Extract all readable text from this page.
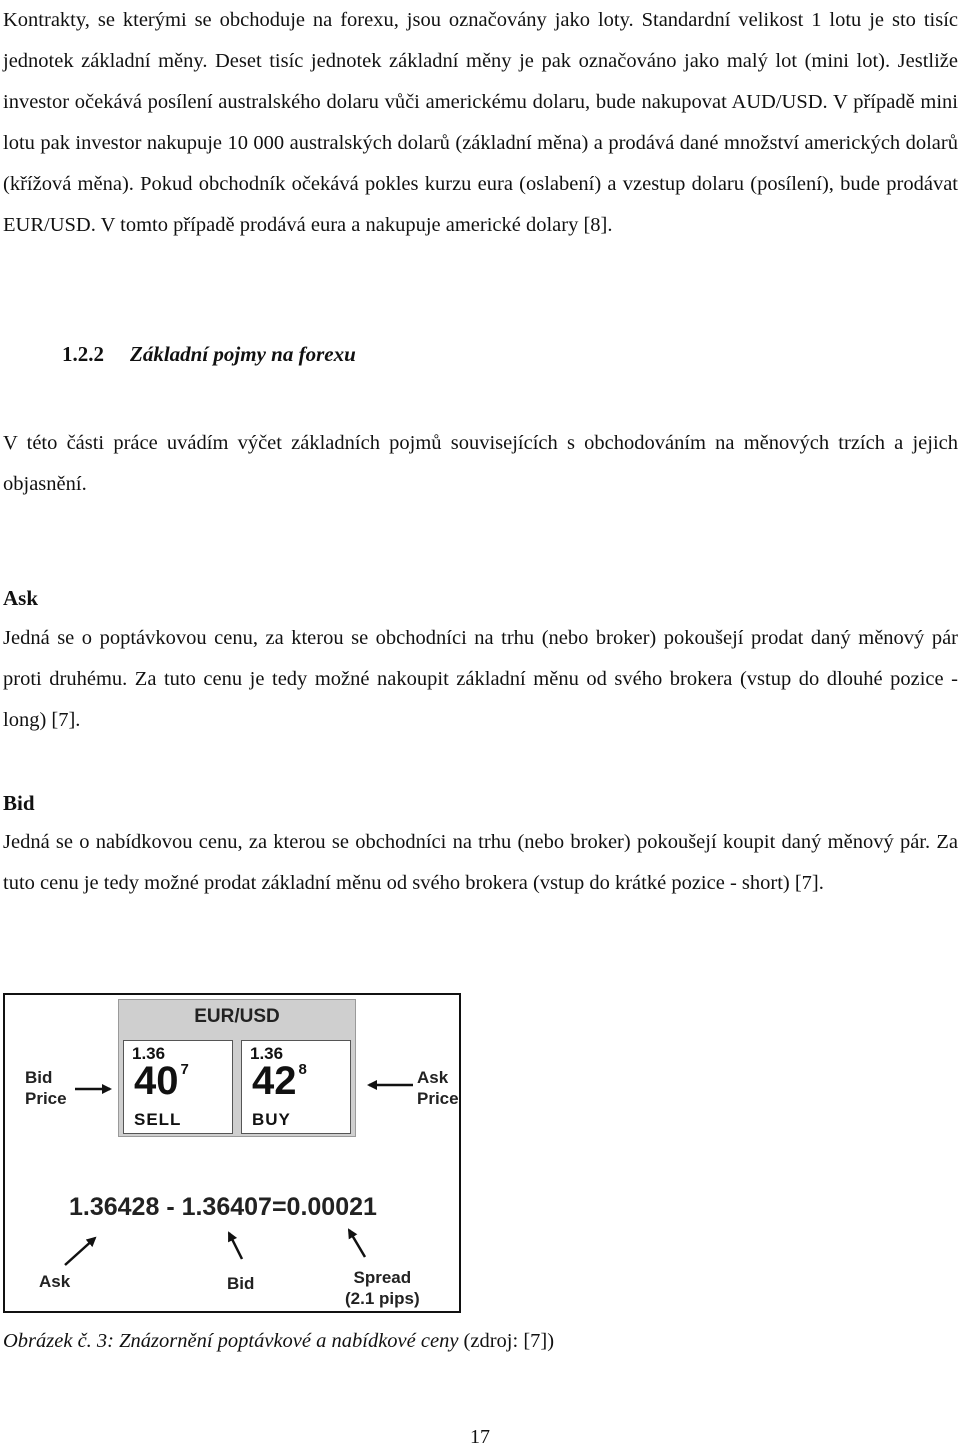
Kontrakty, se kterými se obchoduje na forexu, jsou označovány jako loty. Standardní velikost 1 lotu je sto tisíc jednotek základní měny. Deset tisíc jednotek základní měny je pak označováno jako malý lot (mini lot). Jestliže investor očekává posílení australského dolaru vůči americkému dolaru, bude nakupovat AUD/USD. V případě mini lotu pak investor nakupuje 10 000 australských dolarů (základní měna) a prodává dané množství amerických dolarů (křížová měna). Pokud obchodník očekává pokles kurzu eura (oslabení) a vzestup dolaru (posílení), bude prodávat EUR/USD. V tomto případě prodává eura a nakupuje americké dolary [8].

1.2.2 Základní pojmy na forexu

V této části práce uvádím výčet základních pojmů souvisejících s obchodováním na měnových trzích a jejich objasnění.

Ask

Jedná se o poptávkovou cenu, za kterou se obchodníci na trhu (nebo broker) pokoušejí prodat daný měnový pár proti druhému. Za tuto cenu je tedy možné nakoupit základní měnu od svého brokera (vstup do dlouhé pozice - long) [7].

Bid

Jedná se o nabídkovou cenu, za kterou se obchodníci na trhu (nebo broker) pokoušejí koupit daný měnový pár. Za tuto cenu je tedy možné prodat základní měnu od svého brokera (vstup do krátké pozice - short) [7].

EUR/USD
1.36
40 $^7$
SELL
1.36
42 $^8$
BUY
Bid
Price
Ask
Price
1.36428 - 1.36407=0.00021
Ask	Bid	Spread
(2.1 pips)

Obrázek č. 3: Znázornění poptávkové a nabídkové ceny (zdroj: [7])

17
